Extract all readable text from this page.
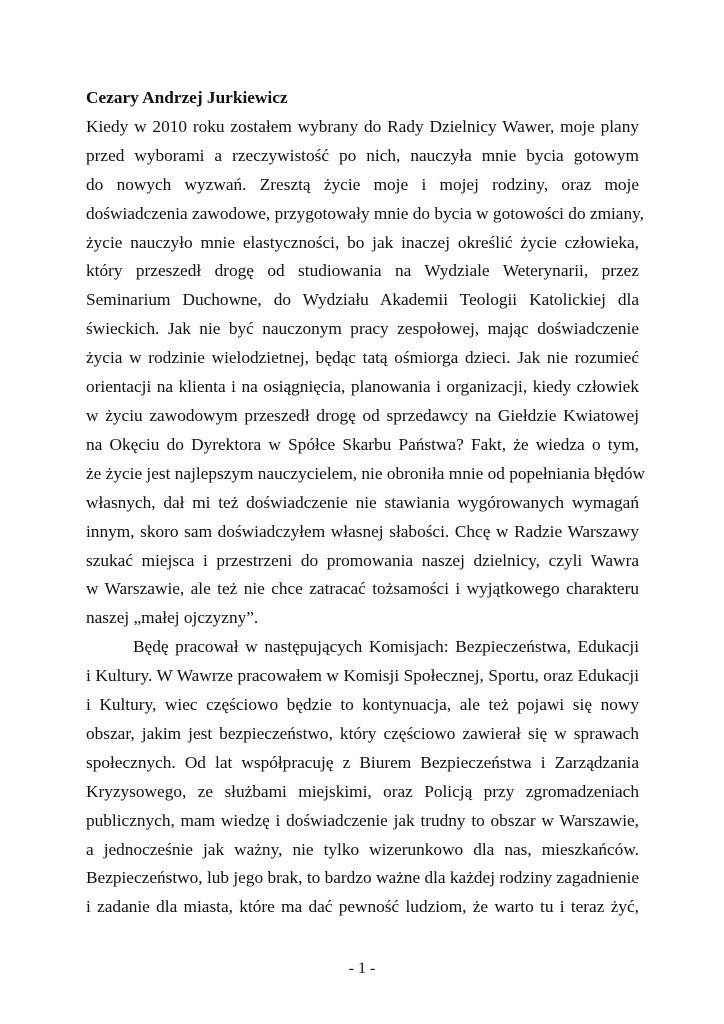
Cezary Andrzej Jurkiewicz

Kiedy w 2010 roku zostałem wybrany do Rady Dzielnicy Wawer, moje plany
przed wyborami a rzeczywistość po nich, nauczyła mnie bycia gotowym
do nowych wyzwań. Zresztą życie moje i mojej rodziny, oraz moje
doświadczenia zawodowe, przygotowały mnie do bycia w gotowości do zmiany,
życie nauczyło mnie elastyczności, bo jak inaczej określić życie człowieka,
który przeszedł drogę od studiowania na Wydziale Weterynarii, przez
Seminarium Duchowne, do Wydziału Akademii Teologii Katolickiej dla
świeckich. Jak nie być nauczonym pracy zespołowej, mając doświadczenie
życia w rodzinie wielodzietnej, będąc tatą ośmiorga dzieci. Jak nie rozumieć
orientacji na klienta i na osiągnięcia, planowania i organizacji, kiedy człowiek
w życiu zawodowym przeszedł drogę od sprzedawcy na Giełdzie Kwiatowej
na Okęciu do Dyrektora w Spółce Skarbu Państwa? Fakt, że wiedza o tym,
że życie jest najlepszym nauczycielem, nie obroniła mnie od popełniania błędów
własnych, dał mi też doświadczenie nie stawiania wygórowanych wymagań
innym, skoro sam doświadczyłem własnej słabości. Chcę w Radzie Warszawy
szukać miejsca i przestrzeni do promowania naszej dzielnicy, czyli Wawra
w Warszawie, ale też nie chce zatracać tożsamości i wyjątkowego charakteru
naszej „małej ojczyzny”.
Będę pracował w następujących Komisjach: Bezpieczeństwa, Edukacji
i Kultury. W Wawrze pracowałem w Komisji Społecznej, Sportu, oraz Edukacji
i Kultury, wiec częściowo będzie to kontynuacja, ale też pojawi się nowy
obszar, jakim jest bezpieczeństwo, który częściowo zawierał się w sprawach
społecznych. Od lat współpracuję z Biurem Bezpieczeństwa i Zarządzania
Kryzysowego, ze służbami miejskimi, oraz Policją przy zgromadzeniach
publicznych, mam wiedzę i doświadczenie jak trudny to obszar w Warszawie,
a jednocześnie jak ważny, nie tylko wizerunkowo dla nas, mieszkańców.
Bezpieczeństwo, lub jego brak, to bardzo ważne dla każdej rodziny zagadnienie
i zadanie dla miasta, które ma dać pewność ludziom, że warto tu i teraz żyć,
- 1 -
